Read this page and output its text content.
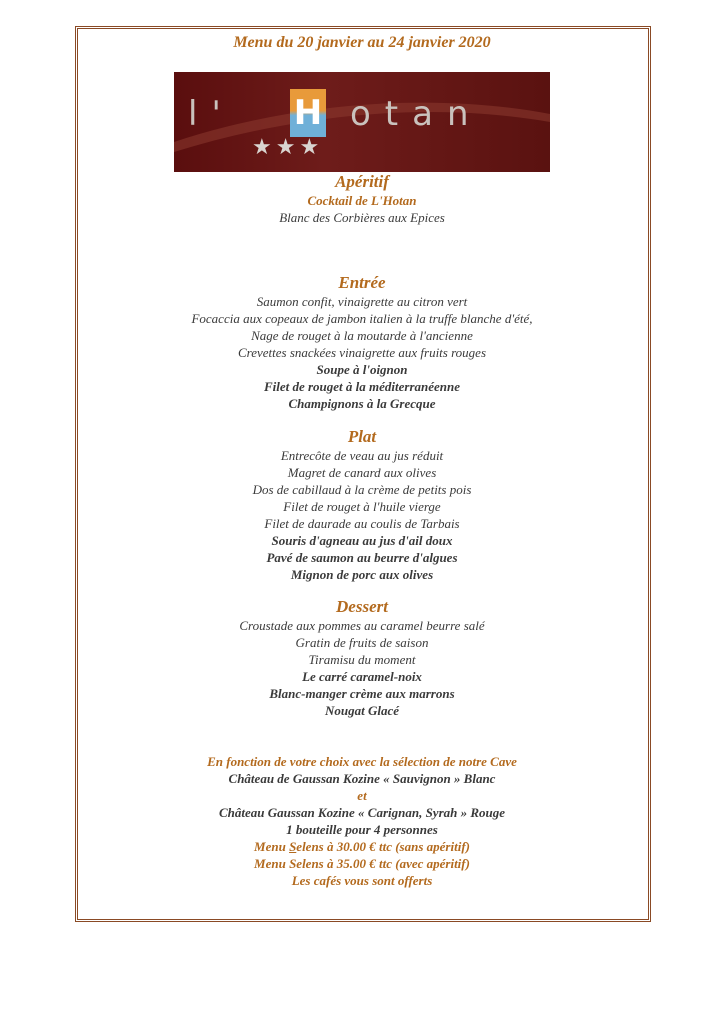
Menu du 20 janvier au 24 janvier 2020
l' H otan
★★★
Apéritif
Cocktail de L'Hotan
Blanc des Corbières aux Epices
Entrée
Saumon confit, vinaigrette au citron vert
Focaccia aux copeaux de jambon italien à la truffe blanche d'été,
Nage de rouget à la moutarde à l'ancienne
Crevettes snackées vinaigrette aux fruits rouges
Soupe à l'oignon
Filet de rouget à la méditerranéenne
Champignons à la Grecque
Plat
Entrecôte de veau au jus réduit
Magret de canard aux olives
Dos de cabillaud à la crème de petits pois
Filet de rouget à l'huile vierge
Filet de daurade au coulis de Tarbais
Souris d'agneau au jus d'ail doux
Pavé de saumon au beurre d'algues
Mignon de porc aux olives
Dessert
Croustade aux pommes au caramel beurre salé
Gratin de fruits de saison
Tiramisu du moment
Le carré caramel-noix
Blanc-manger crème aux marrons
Nougat Glacé
En fonction de votre choix avec la sélection de notre Cave
Château de Gaussan Kozine « Sauvignon » Blanc
et
Château Gaussan Kozine « Carignan, Syrah » Rouge
1 bouteille pour 4 personnes
Menu Selens à 30.00 € ttc (sans apéritif)
Menu Selens à 35.00 € ttc (avec apéritif)
Les cafés vous sont offerts
